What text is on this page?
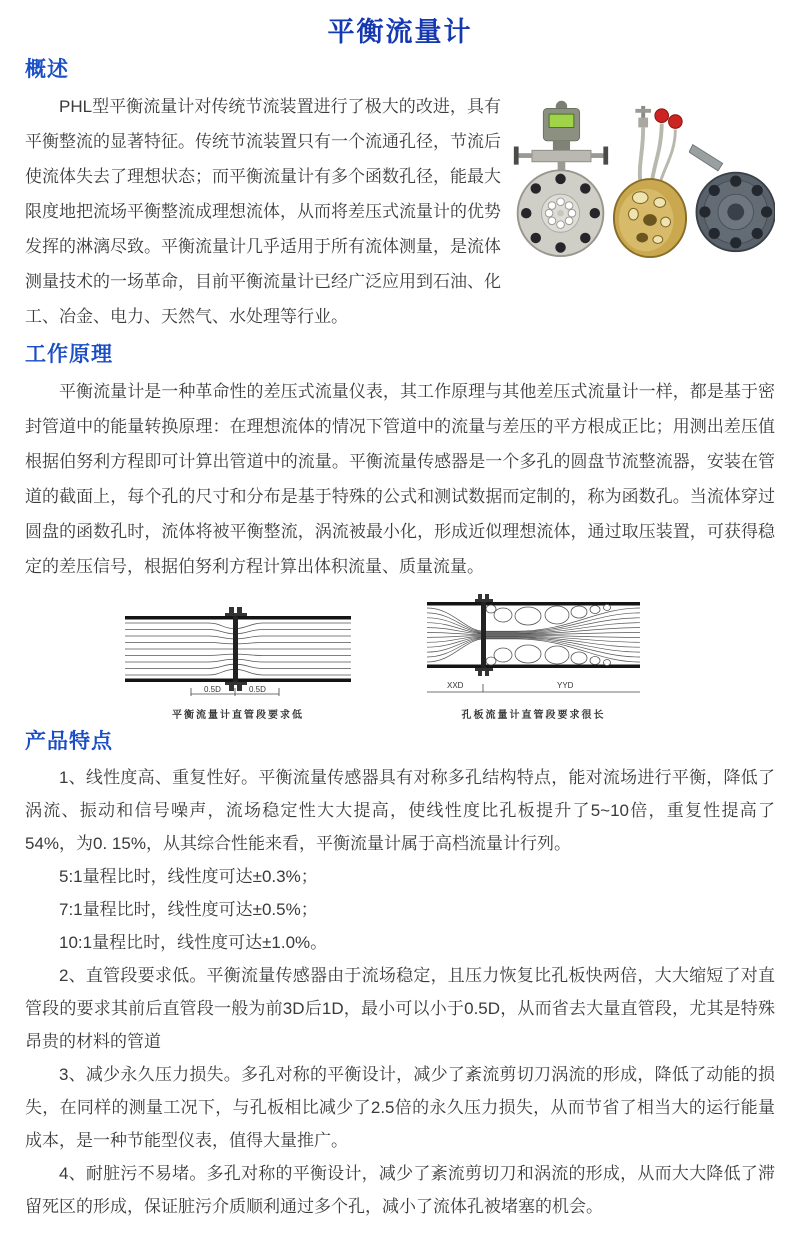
平衡流量计
概述

PHL型平衡流量计对传统节流装置进行了极大的改进，具有平衡整流的显著特征。传统节流装置只有一个流通孔径，节流后使流体失去了理想状态；而平衡流量计有多个函数孔径，能最大限度地把流场平衡整流成理想流体，从而将差压式流量计的优势发挥的淋漓尽致。平衡流量计几乎适用于所有流体测量，是流体测量技术的一场革命，目前平衡流量计已经广泛应用到石油、化工、冶金、电力、天然气、水处理等行业。

工作原理

平衡流量计是一种革命性的差压式流量仪表，其工作原理与其他差压式流量计一样，都是基于密封管道中的能量转换原理：在理想流体的情况下管道中的流量与差压的平方根成正比；用测出差压值根据伯努利方程即可计算出管道中的流量。平衡流量传感器是一个多孔的圆盘节流整流器，安装在管道的截面上，每个孔的尺寸和分布是基于特殊的公式和测试数据而定制的，称为函数孔。当流体穿过圆盘的函数孔时，流体将被平衡整流，涡流被最小化，形成近似理想流体，通过取压装置，可获得稳定的差压信号，根据伯努利方程计算出体积流量、质量流量。

0.5D	0.5D
平衡流量计直管段要求低
XXD	YYD
孔板流量计直管段要求很长
产品特点

1、线性度高、重复性好。平衡流量传感器具有对称多孔结构特点，能对流场进行平衡，降低了涡流、振动和信号噪声，流场稳定性大大提高，使线性度比孔板提升了5~10倍，重复性提高了54%，为0. 15%，从其综合性能来看，平衡流量计属于高档流量计行列。

5:1量程比时，线性度可达±0.3%；

7:1量程比时，线性度可达±0.5%；

10:1量程比时，线性度可达±1.0%。

2、直管段要求低。平衡流量传感器由于流场稳定，且压力恢复比孔板快两倍，大大缩短了对直管段的要求其前后直管段一般为前3D后1D，最小可以小于0.5D，从而省去大量直管段，尤其是特殊昂贵的材料的管道

3、减少永久压力损失。多孔对称的平衡设计，减少了紊流剪切刀涡流的形成，降低了动能的损失，在同样的测量工况下，与孔板相比减少了2.5倍的永久压力损失，从而节省了相当大的运行能量成本，是一种节能型仪表，值得大量推广。

4、耐脏污不易堵。多孔对称的平衡设计，减少了紊流剪切刀和涡流的形成，从而大大降低了滞留死区的形成，保证脏污介质顺利通过多个孔，减小了流体孔被堵塞的机会。
